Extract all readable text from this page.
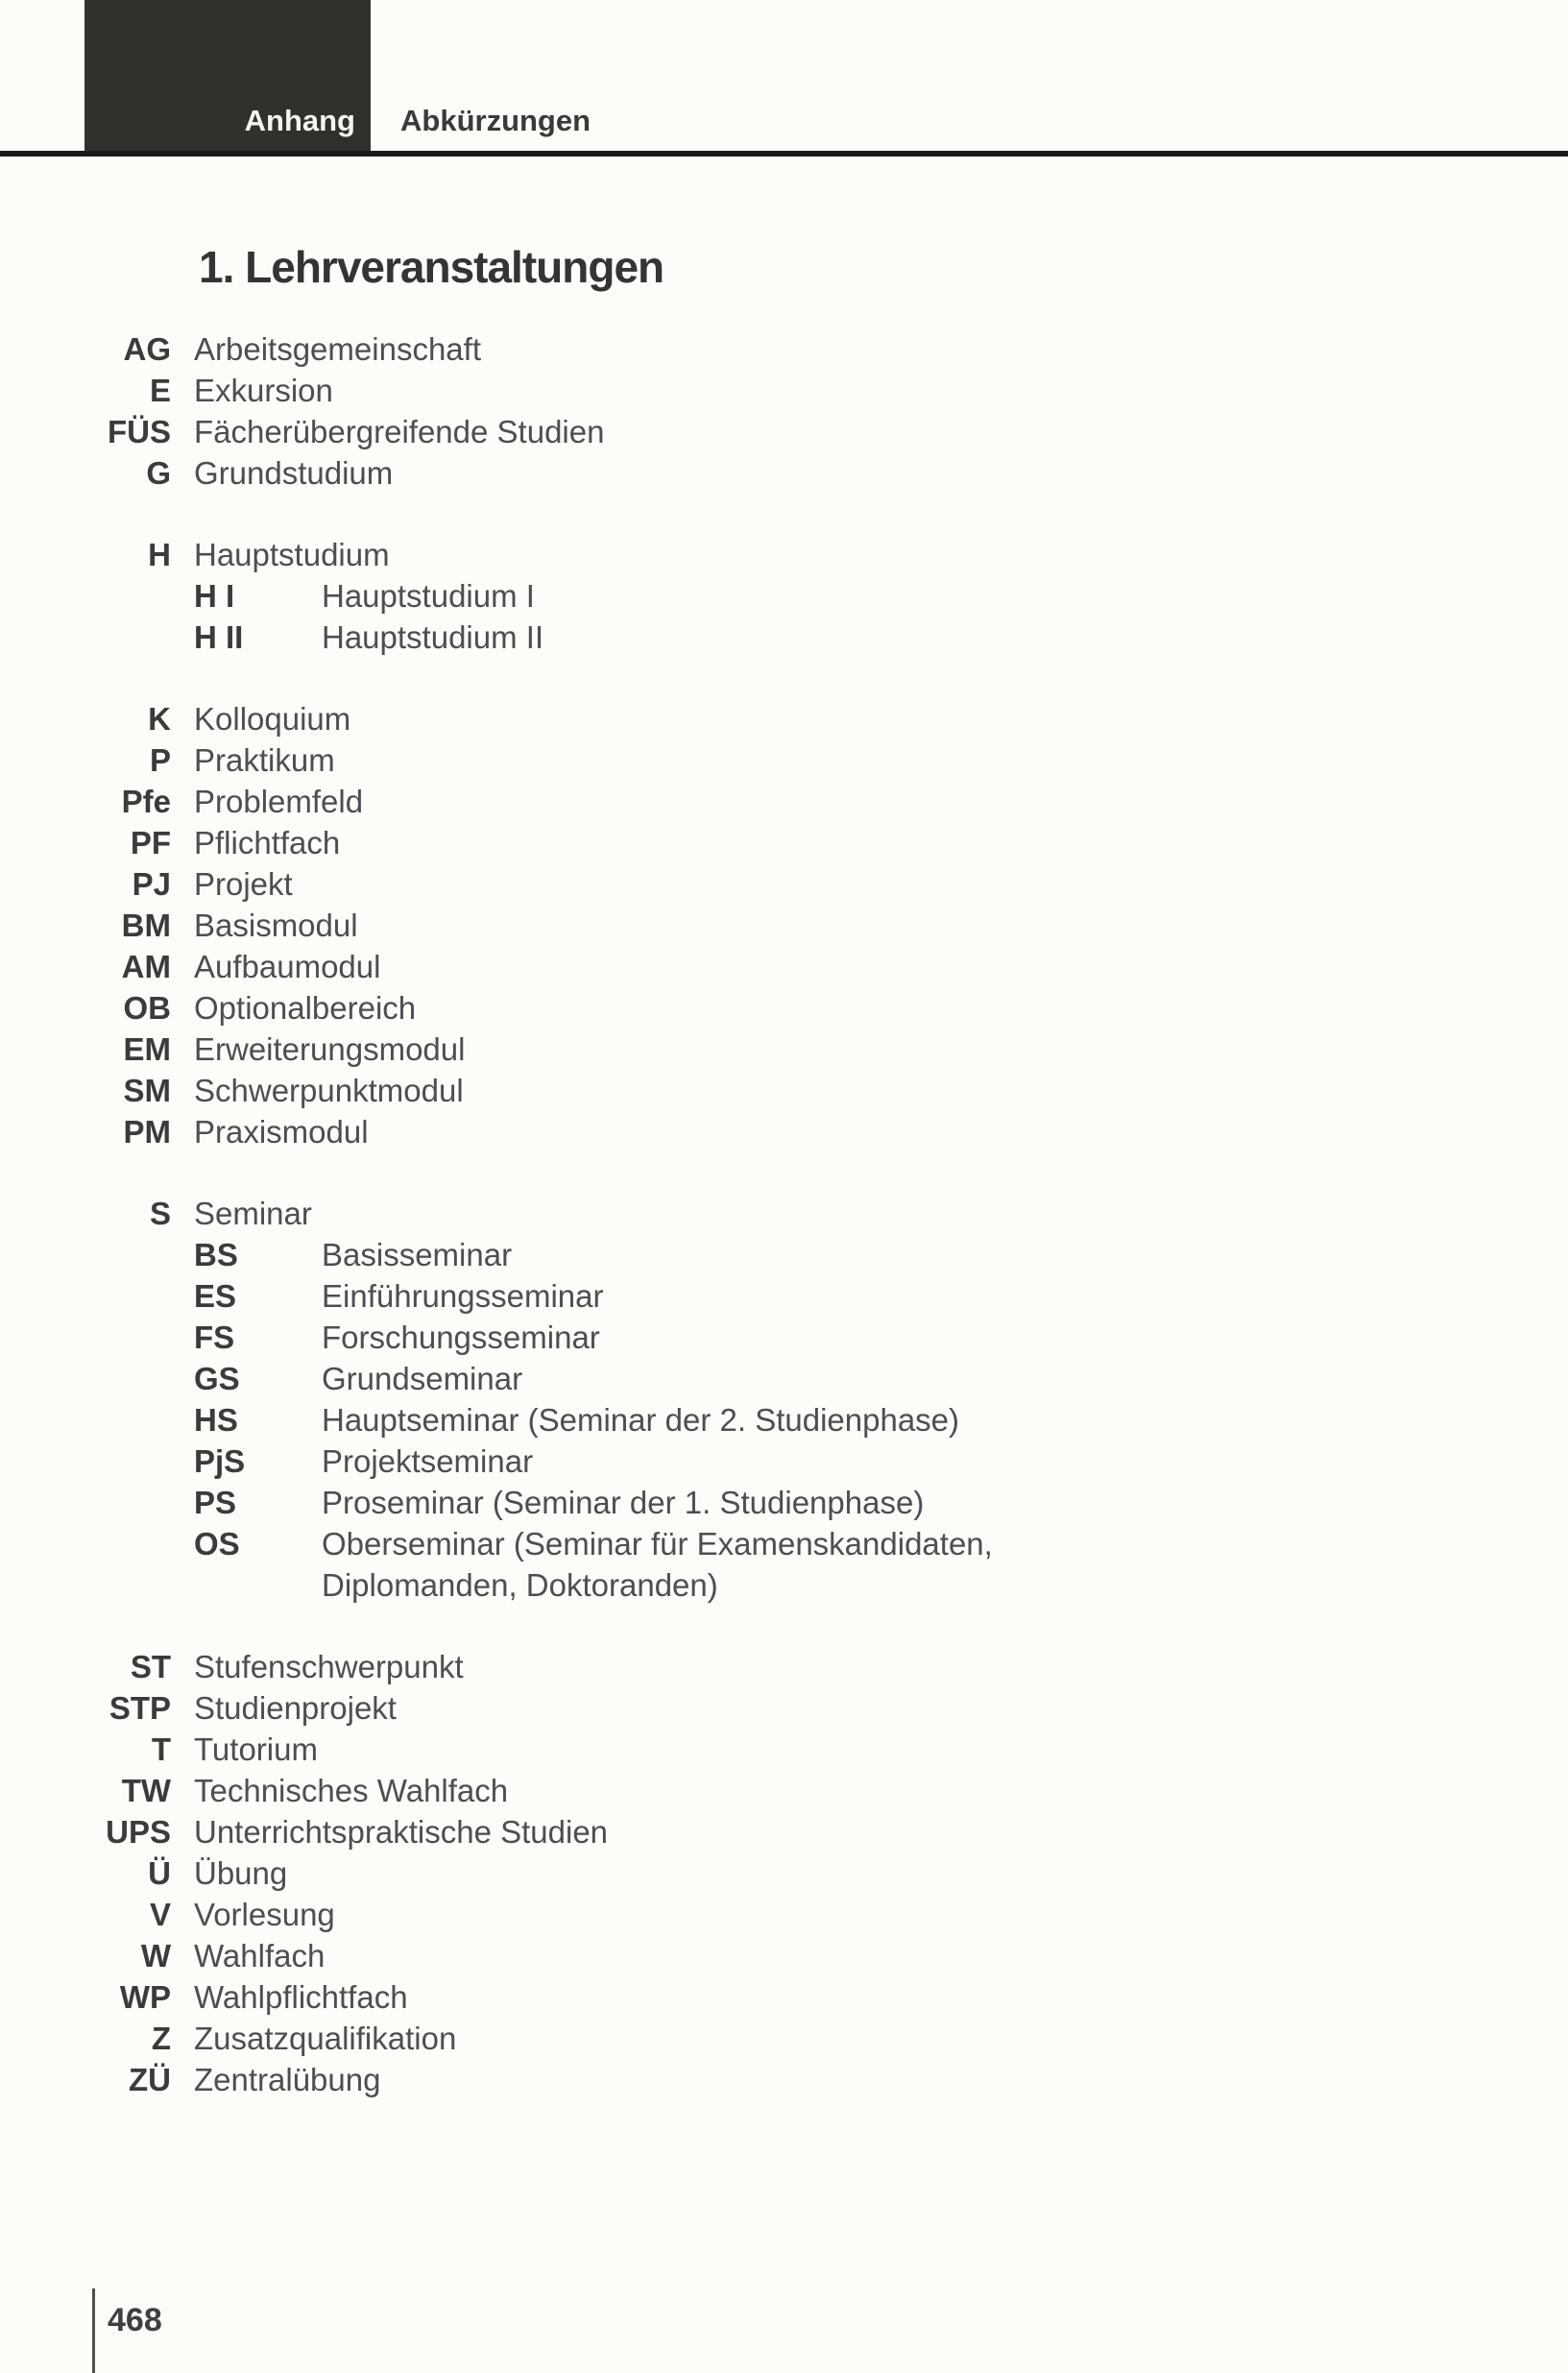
Anhang Abkürzungen
1. Lehrveranstaltungen
AG Arbeitsgemeinschaft
E Exkursion
FÜS Fächerübergreifende Studien
G Grundstudium
H Hauptstudium
H I	Hauptstudium I
H II	Hauptstudium II
K Kolloquium
P Praktikum
Pfe Problemfeld
PF Pflichtfach
PJ Projekt
BM Basismodul
AM Aufbaumodul
OB Optionalbereich
EM Erweiterungsmodul
SM Schwerpunktmodul
PM Praxismodul
S Seminar
BS	Basisseminar
ES	Einführungsseminar
FS	Forschungsseminar
GS	Grundseminar
HS	Hauptseminar (Seminar der 2. Studienphase)
PjS	Projektseminar
PS	Proseminar (Seminar der 1. Studienphase)
OS	Oberseminar (Seminar für Examenskandidaten,
Diplomanden, Doktoranden)
ST Stufenschwerpunkt
STP Studienprojekt
T Tutorium
TW Technisches Wahlfach
UPS Unterrichtspraktische Studien
Ü Übung
V Vorlesung
W Wahlfach
WP Wahlpflichtfach
Z Zusatzqualifikation
ZÜ Zentralübung
468
